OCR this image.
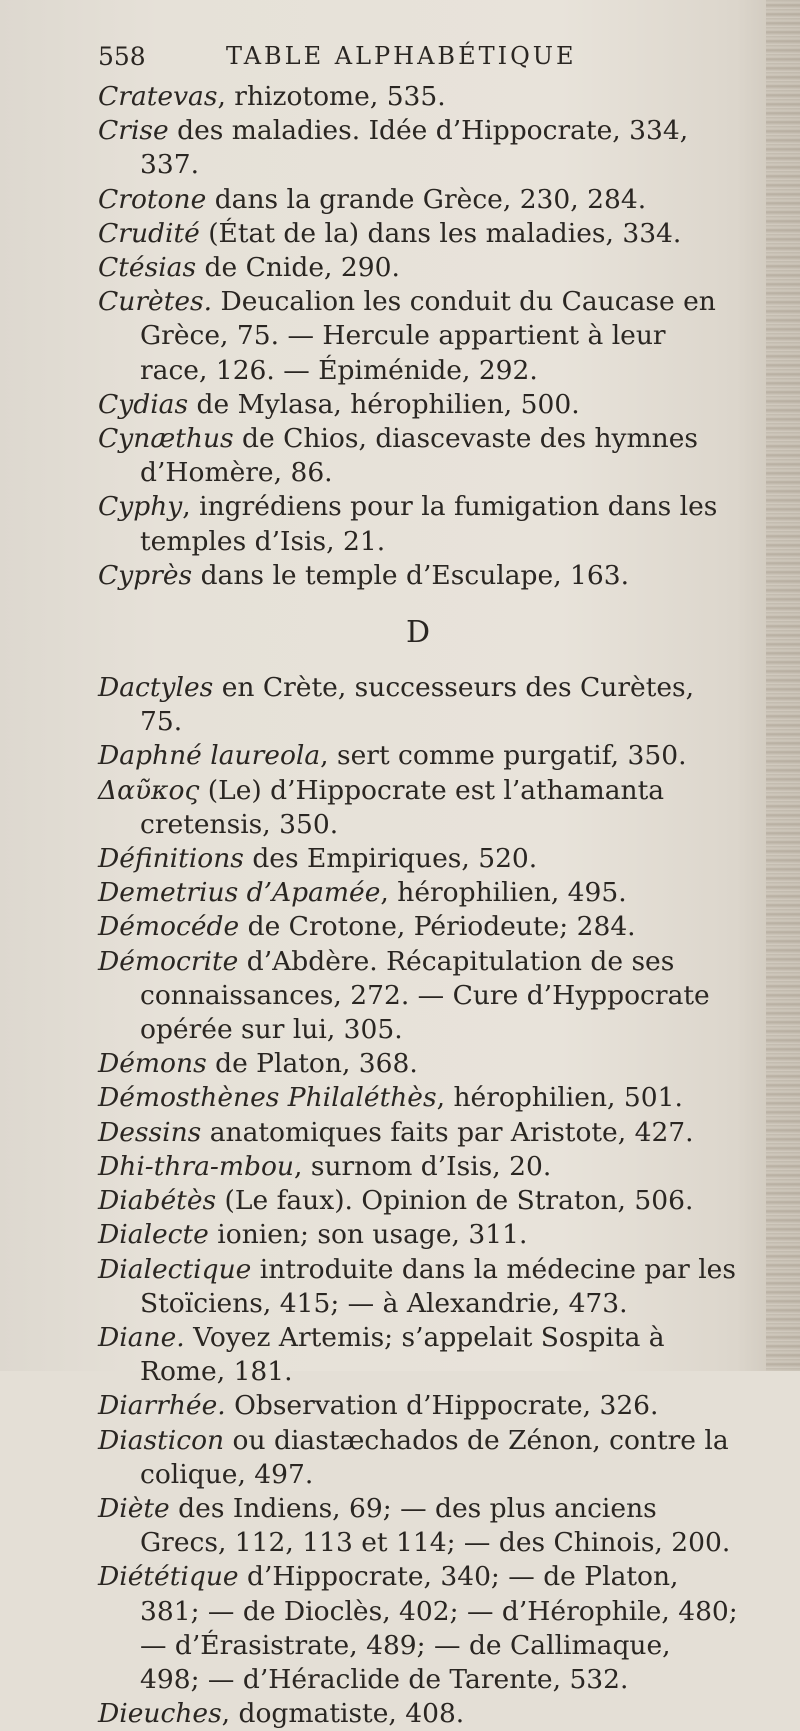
558	TABLE ALPHABÉTIQUE

Cratevas, rhizotome, 535.

Crise des maladies. Idée d’Hippocrate, 334, 337.

Crotone dans la grande Grèce, 230, 284.

Crudité (État de la) dans les maladies, 334.

Ctésias de Cnide, 290.

Curètes. Deucalion les conduit du Caucase en Grèce, 75. — Hercule appartient à leur race, 126. — Épiménide, 292.

Cydias de Mylasa, hérophilien, 500.

Cynæthus de Chios, diascevaste des hymnes d’Homère, 86.

Cyphy, ingrédiens pour la fumigation dans les temples d’Isis, 21.

Cyprès dans le temple d’Esculape, 163.

D

Dactyles en Crète, successeurs des Curètes, 75.

Daphné laureola, sert comme purgatif, 350.

Δαῦκος (Le) d’Hippocrate est l’athamanta cretensis, 350.

Définitions des Empiriques, 520.

Demetrius d’Apamée, hérophilien, 495.

Démocéde de Crotone, Périodeute; 284.

Démocrite d’Abdère. Récapitulation de ses connaissances, 272. — Cure d’Hyppocrate opérée sur lui, 305.

Démons de Platon, 368.

Démosthènes Philaléthès, hérophilien, 501.

Dessins anatomiques faits par Aristote, 427.

Dhi-thra-mbou, surnom d’Isis, 20.

Diabétès (Le faux). Opinion de Straton, 506.

Dialecte ionien; son usage, 311.

Dialectique introduite dans la médecine par les Stoïciens, 415; — à Alexandrie, 473.

Diane. Voyez Artemis; s’appelait Sospita à Rome, 181.

Diarrhée. Observation d’Hippocrate, 326.

Diasticon ou diastæchados de Zénon, contre la colique, 497.

Diète des Indiens, 69; — des plus anciens Grecs, 112, 113 et 114; — des Chinois, 200.

Diététique d’Hippocrate, 340; — de Platon, 381; — de Dioclès, 402; — d’Hérophile, 480; — d’Érasistrate, 489; — de Callimaque, 498; — d’Héraclide de Tarente, 532.

Dieuches, dogmatiste, 408.
